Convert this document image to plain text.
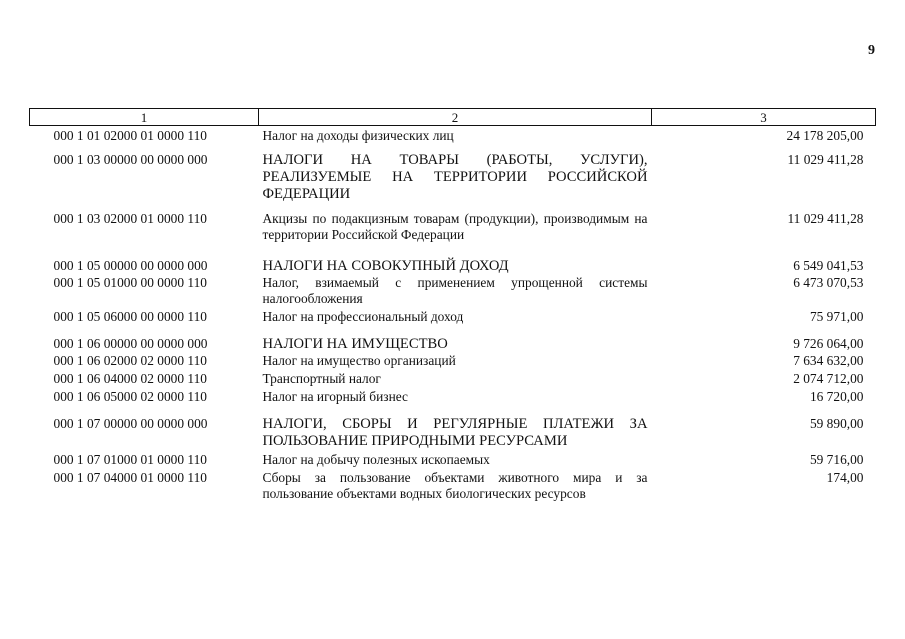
9
1	2	3
000 1 01 02000 01 0000 110	Налог на доходы физических лиц	24 178 205,00
000 1 03 00000 00 0000 000	НАЛОГИ НА ТОВАРЫ (РАБОТЫ, УСЛУГИ), РЕАЛИЗУЕМЫЕ НА ТЕРРИТОРИИ РОССИЙСКОЙ ФЕДЕРАЦИИ	11 029 411,28
000 1 03 02000 01 0000 110	Акцизы по подакцизным товарам (продукции), производимым на территории Российской Федерации	11 029 411,28
000 1 05 00000 00 0000 000	НАЛОГИ НА СОВОКУПНЫЙ ДОХОД	6 549 041,53
000 1 05 01000 00 0000 110	Налог, взимаемый с применением упрощенной системы налогообложения	6 473 070,53
000 1 05 06000 00 0000 110	Налог на профессиональный доход	75 971,00
000 1 06 00000 00 0000 000	НАЛОГИ НА ИМУЩЕСТВО	9 726 064,00
000 1 06 02000 02 0000 110	Налог на имущество организаций	7 634 632,00
000 1 06 04000 02 0000 110	Транспортный налог	2 074 712,00
000 1 06 05000 02 0000 110	Налог на игорный бизнес	16 720,00
000 1 07 00000 00 0000 000	НАЛОГИ, СБОРЫ И РЕГУЛЯРНЫЕ ПЛАТЕЖИ ЗА ПОЛЬЗОВАНИЕ ПРИРОДНЫМИ РЕСУРСАМИ	59 890,00
000 1 07 01000 01 0000 110	Налог на добычу полезных ископаемых	59 716,00
000 1 07 04000 01 0000 110	Сборы за пользование объектами животного мира и за пользование объектами водных биологических ресурсов	174,00
